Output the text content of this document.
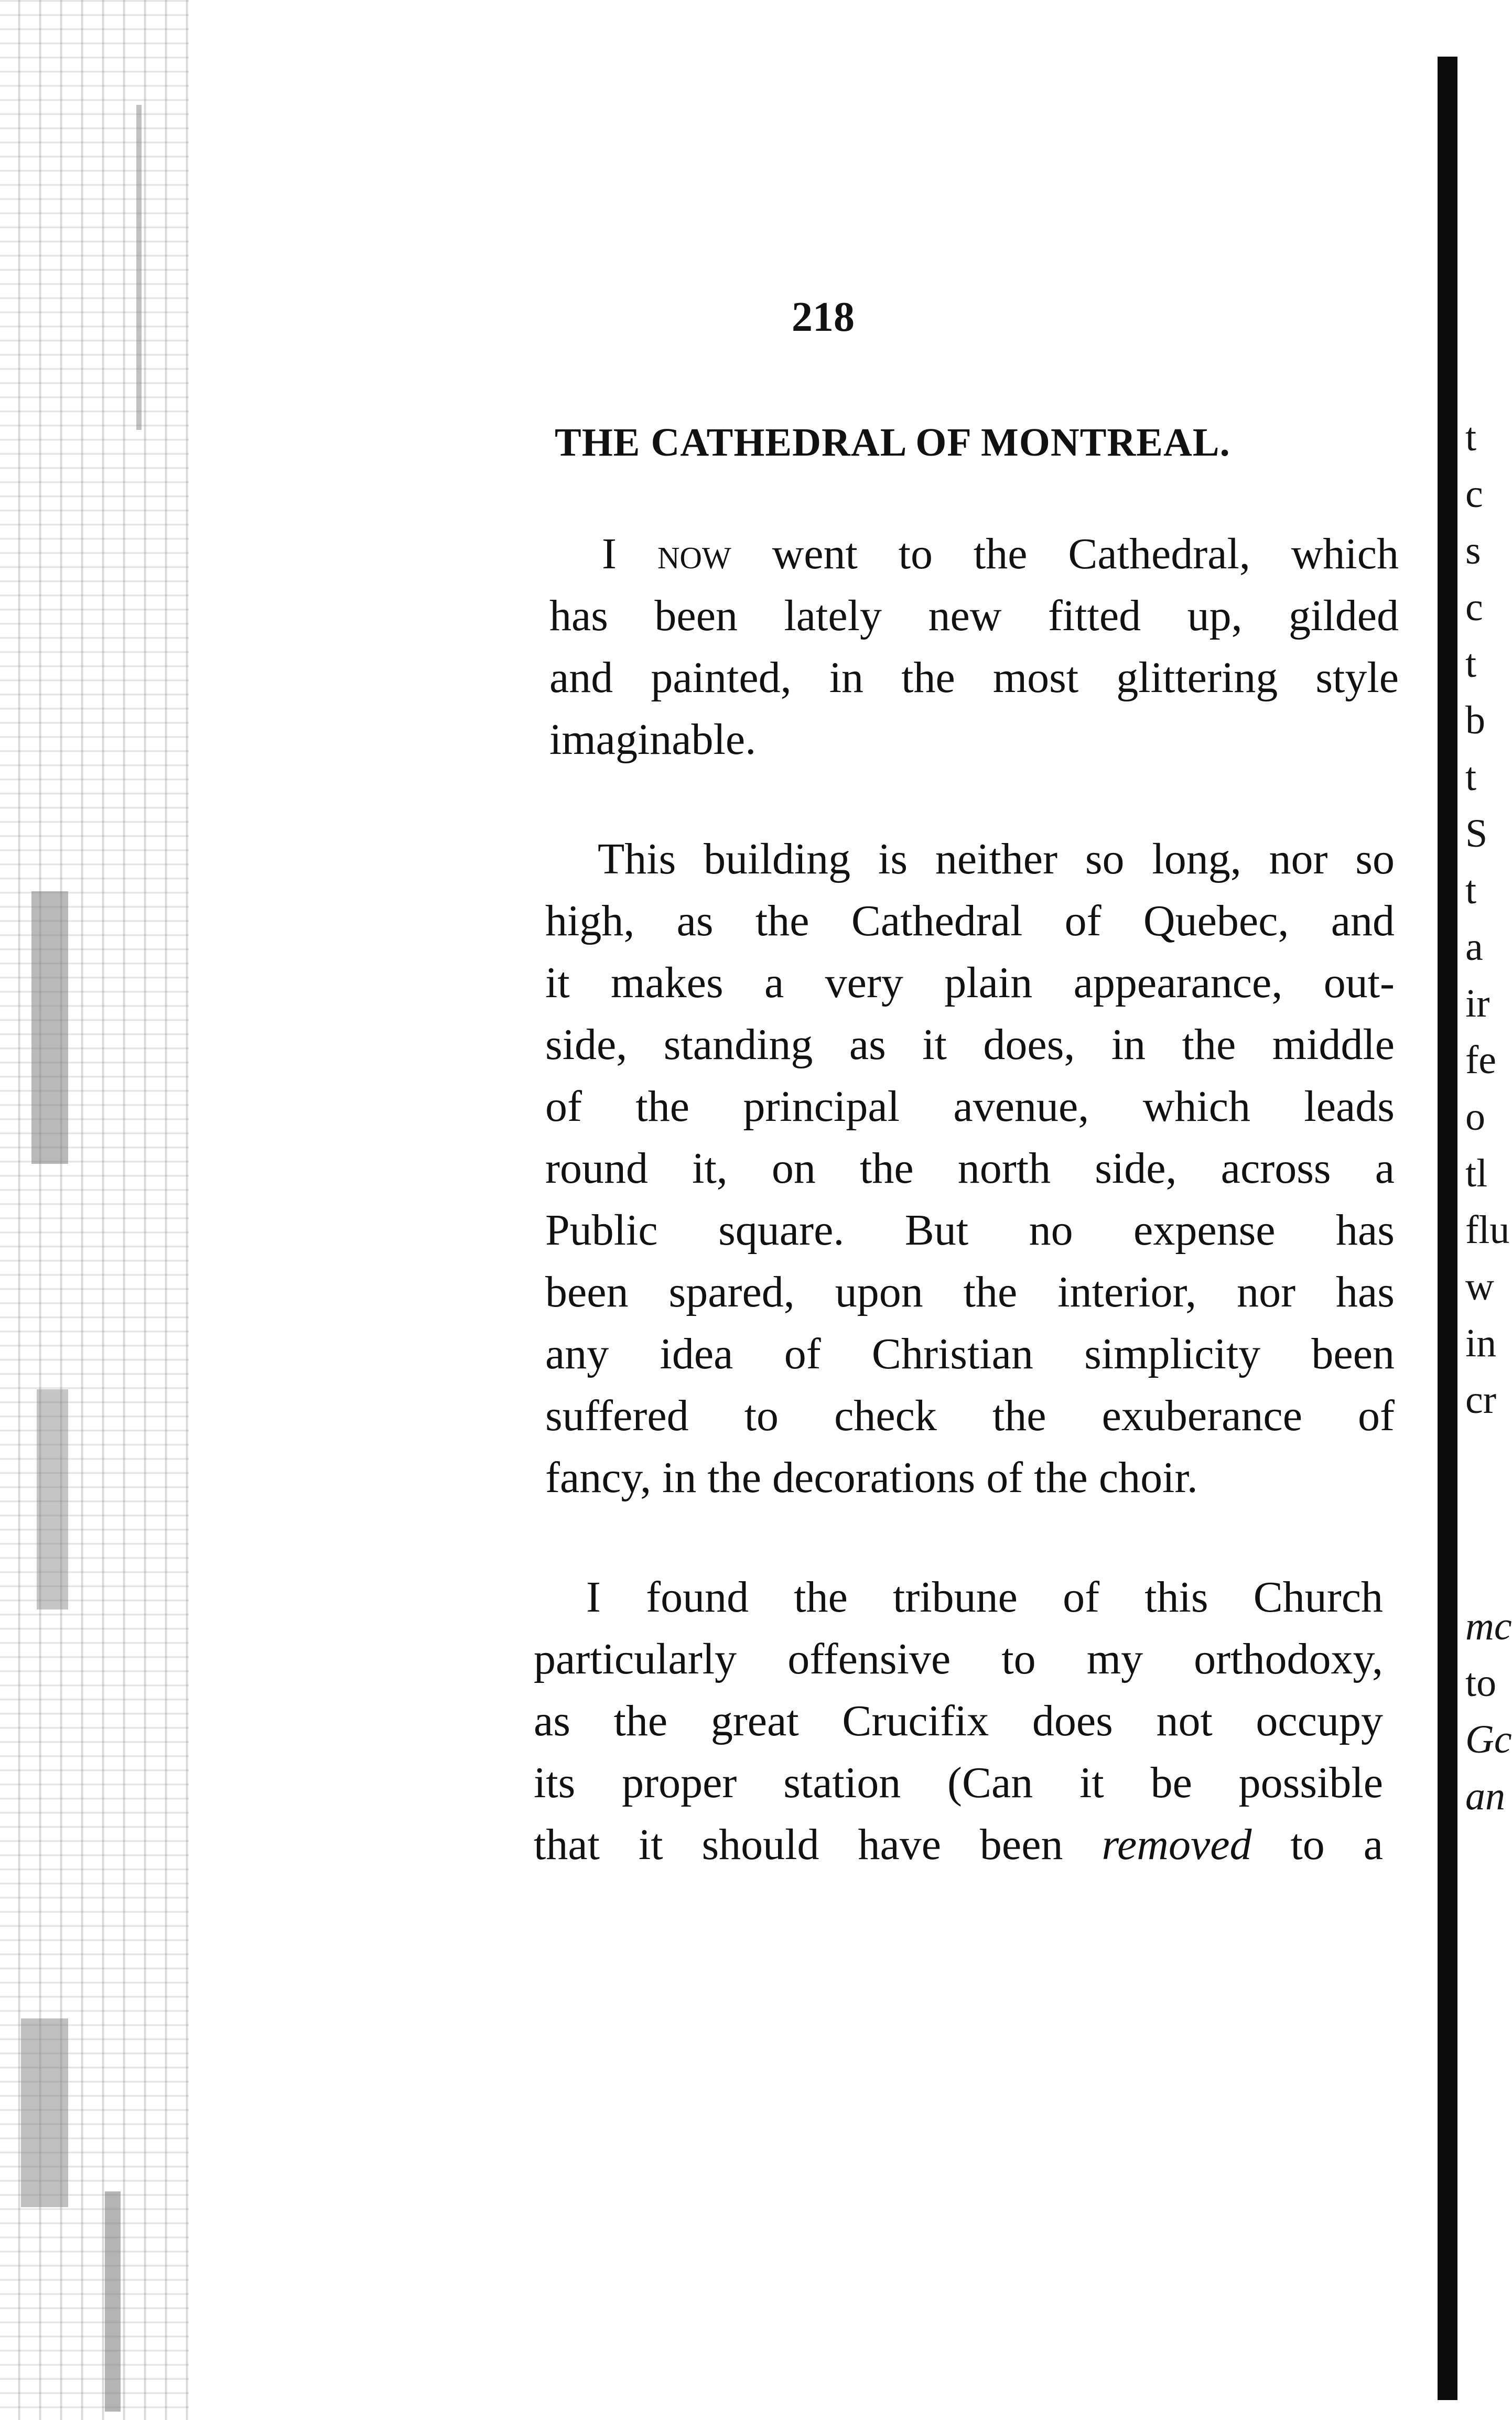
t
c
s
c
t
b
t
S
t
a
ir
fe
o
tl
flu
w
in
cr
mc
to
Gc
an
218
THE CATHEDRAL OF MONTREAL.
I now went to the Cathedral, which
has been lately new fitted up, gilded
and painted, in the most glittering style
imaginable.
This building is neither so long, nor so
high, as the Cathedral of Quebec, and
it makes a very plain appearance, out-
side, standing as it does, in the middle
of the principal avenue, which leads
round it, on the north side, across a
Public square. But no expense has
been spared, upon the interior, nor has
any idea of Christian simplicity been
suffered to check the exuberance of
fancy, in the decorations of the choir.
I found the tribune of this Church
particularly offensive to my orthodoxy,
as the great Crucifix does not occupy
its proper station (Can it be possible
that it should have been removed to a
